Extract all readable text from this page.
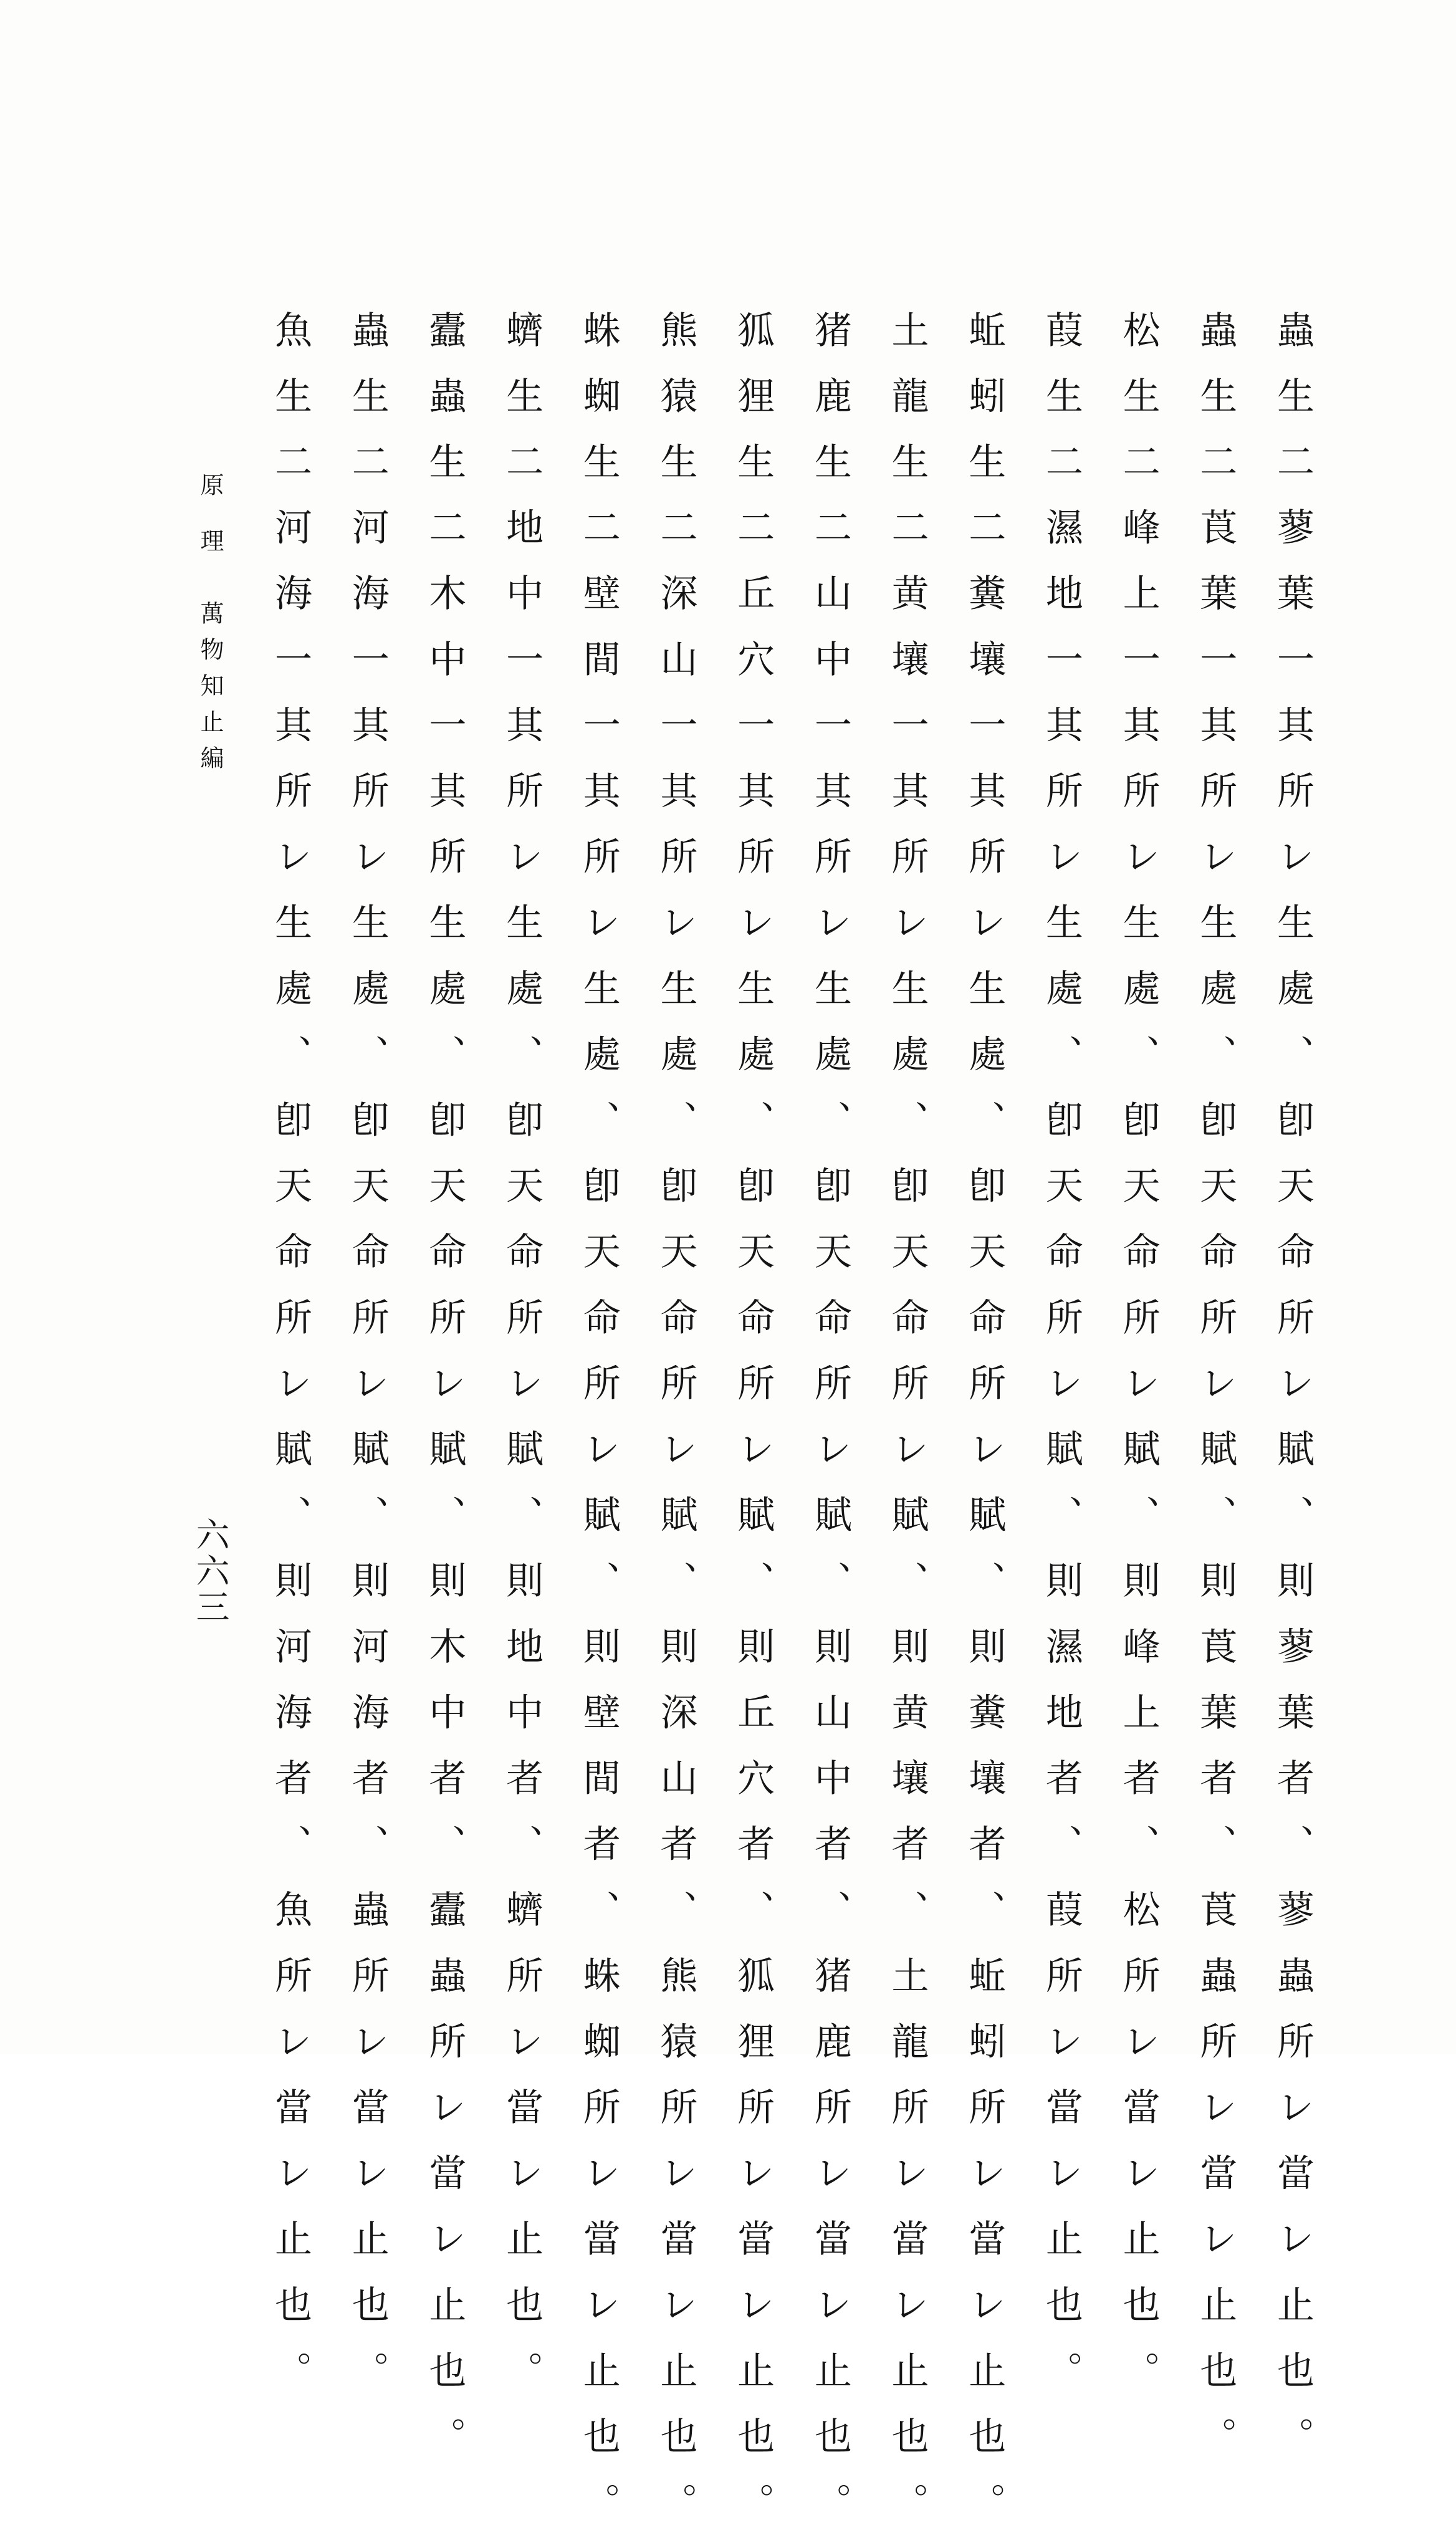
蟲生二蓼葉一其所レ生處、卽天命所レ賦、則蓼葉者、蓼蟲所レ當レ止也。
蟲生二莨葉一其所レ生處、卽天命所レ賦、則莨葉者、莨蟲所レ當レ止也。
松生二峰上一其所レ生處、卽天命所レ賦、則峰上者、松所レ當レ止也。
葭生二濕地一其所レ生處、卽天命所レ賦、則濕地者、葭所レ當レ止也。
蚯蚓生二糞壤一其所レ生處、卽天命所レ賦、則糞壤者、蚯蚓所レ當レ止也。
土龍生二黄壤一其所レ生處、卽天命所レ賦、則黄壤者、土龍所レ當レ止也。
猪鹿生二山中一其所レ生處、卽天命所レ賦、則山中者、猪鹿所レ當レ止也。
狐狸生二丘穴一其所レ生處、卽天命所レ賦、則丘穴者、狐狸所レ當レ止也。
熊猿生二深山一其所レ生處、卽天命所レ賦、則深山者、熊猿所レ當レ止也。
蛛蜘生二壁間一其所レ生處、卽天命所レ賦、則壁間者、蛛蜘所レ當レ止也。
蠐生二地中一其所レ生處、卽天命所レ賦、則地中者、蠐所レ當レ止也。
蠹蟲生二木中一其所生處、卽天命所レ賦、則木中者、蠹蟲所レ當レ止也。
蟲生二河海一其所レ生處、卽天命所レ賦、則河海者、蟲所レ當レ止也。
魚生二河海一其所レ生處、卽天命所レ賦、則河海者、魚所レ當レ止也。
原 理　萬物知止編
六六三
